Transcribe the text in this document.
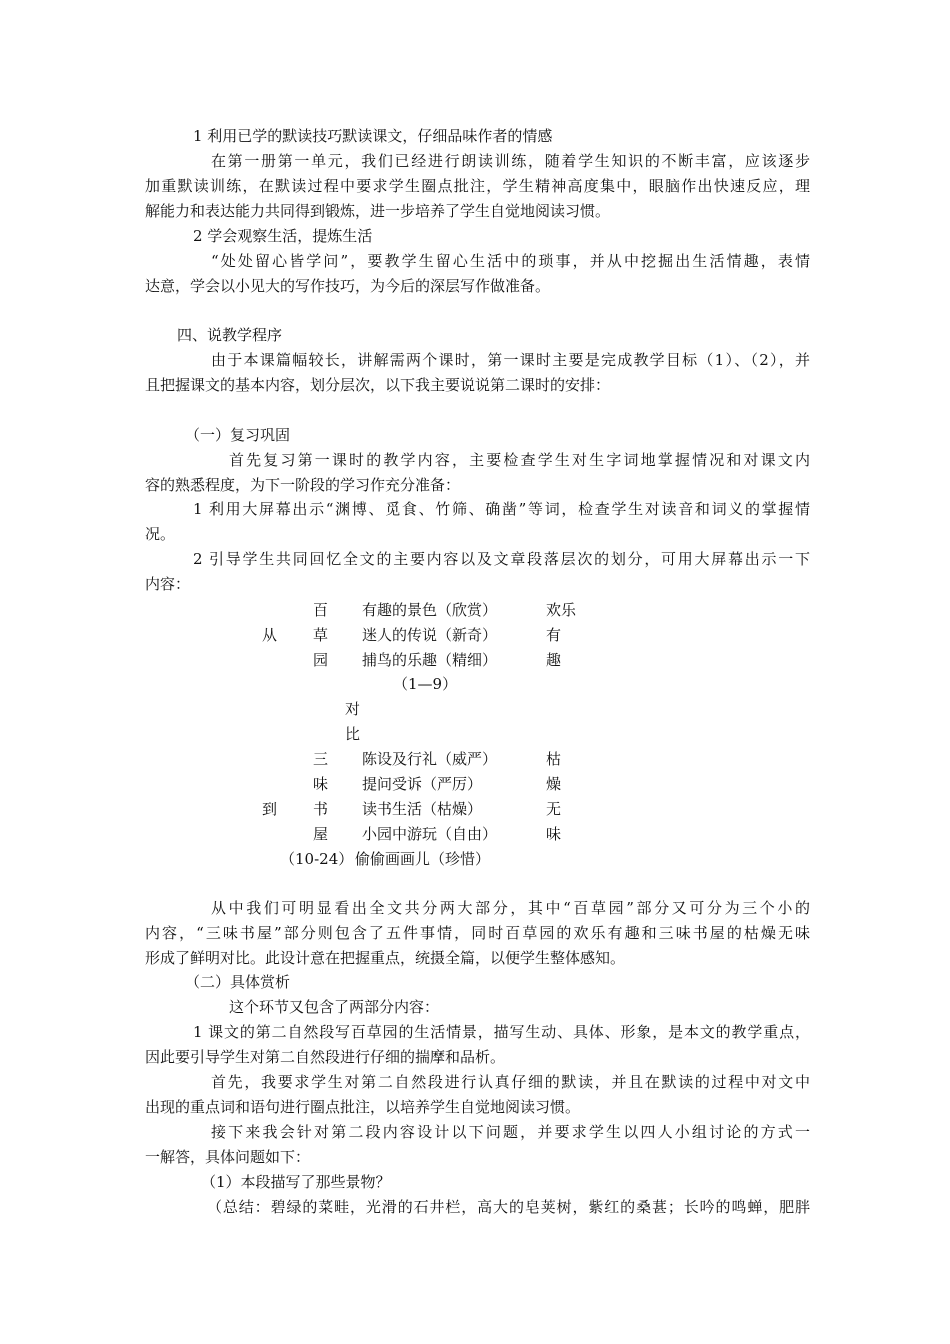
1 利用已学的默读技巧默读课文，仔细品味作者的情感
在第一册第一单元，我们已经进行朗读训练，随着学生知识的不断丰富，应该逐步
加重默读训练，在默读过程中要求学生圈点批注，学生精神高度集中，眼脑作出快速反应，理
解能力和表达能力共同得到锻炼，进一步培养了学生自觉地阅读习惯。
2 学会观察生活，提炼生活
“处处留心皆学问”，要教学生留心生活中的琐事，并从中挖掘出生活情趣，表情
达意，学会以小见大的写作技巧，为今后的深层写作做准备。
四、说教学程序
由于本课篇幅较长，讲解需两个课时，第一课时主要是完成教学目标（1）、（2），并
且把握课文的基本内容，划分层次，以下我主要说说第二课时的安排：
（一）复习巩固
首先复习第一课时的教学内容，主要检查学生对生字词地掌握情况和对课文内
容的熟悉程度，为下一阶段的学习作充分准备：
1 利用大屏幕出示“渊博、觅食、竹筛、确凿”等词，检查学生对读音和词义的掌握情
况。
2 引导学生共同回忆全文的主要内容以及文章段落层次的划分，可用大屏幕出示一下
内容：
从中我们可明显看出全文共分两大部分，其中“百草园”部分又可分为三个小的
内容，“三味书屋”部分则包含了五件事情，同时百草园的欢乐有趣和三味书屋的枯燥无味
形成了鲜明对比。此设计意在把握重点，统摄全篇，以便学生整体感知。
（二）具体赏析
这个环节又包含了两部分内容：
1 课文的第二自然段写百草园的生活情景，描写生动、具体、形象，是本文的教学重点，
因此要引导学生对第二自然段进行仔细的揣摩和品析。
首先，我要求学生对第二自然段进行认真仔细的默读，并且在默读的过程中对文中
出现的重点词和语句进行圈点批注，以培养学生自觉地阅读习惯。
接下来我会针对第二段内容设计以下问题，并要求学生以四人小组讨论的方式一
一解答，具体问题如下：
（1）本段描写了那些景物？
（总结：碧绿的菜畦，光滑的石井栏，高大的皂荚树，紫红的桑葚；长吟的鸣蝉，肥胖
百 有趣的景色（欣赏）	欢乐
从 草 迷人的传说（新奇）	有
园 捕鸟的乐趣（精细）	趣
（1—9）
对
比
三 陈设及行礼（威严）	枯
味 提问受诉（严厉）	燥
到 书 读书生活（枯燥）	无
屋 小园中游玩（自由）	味
（10-24） 偷偷画画儿（珍惜）
